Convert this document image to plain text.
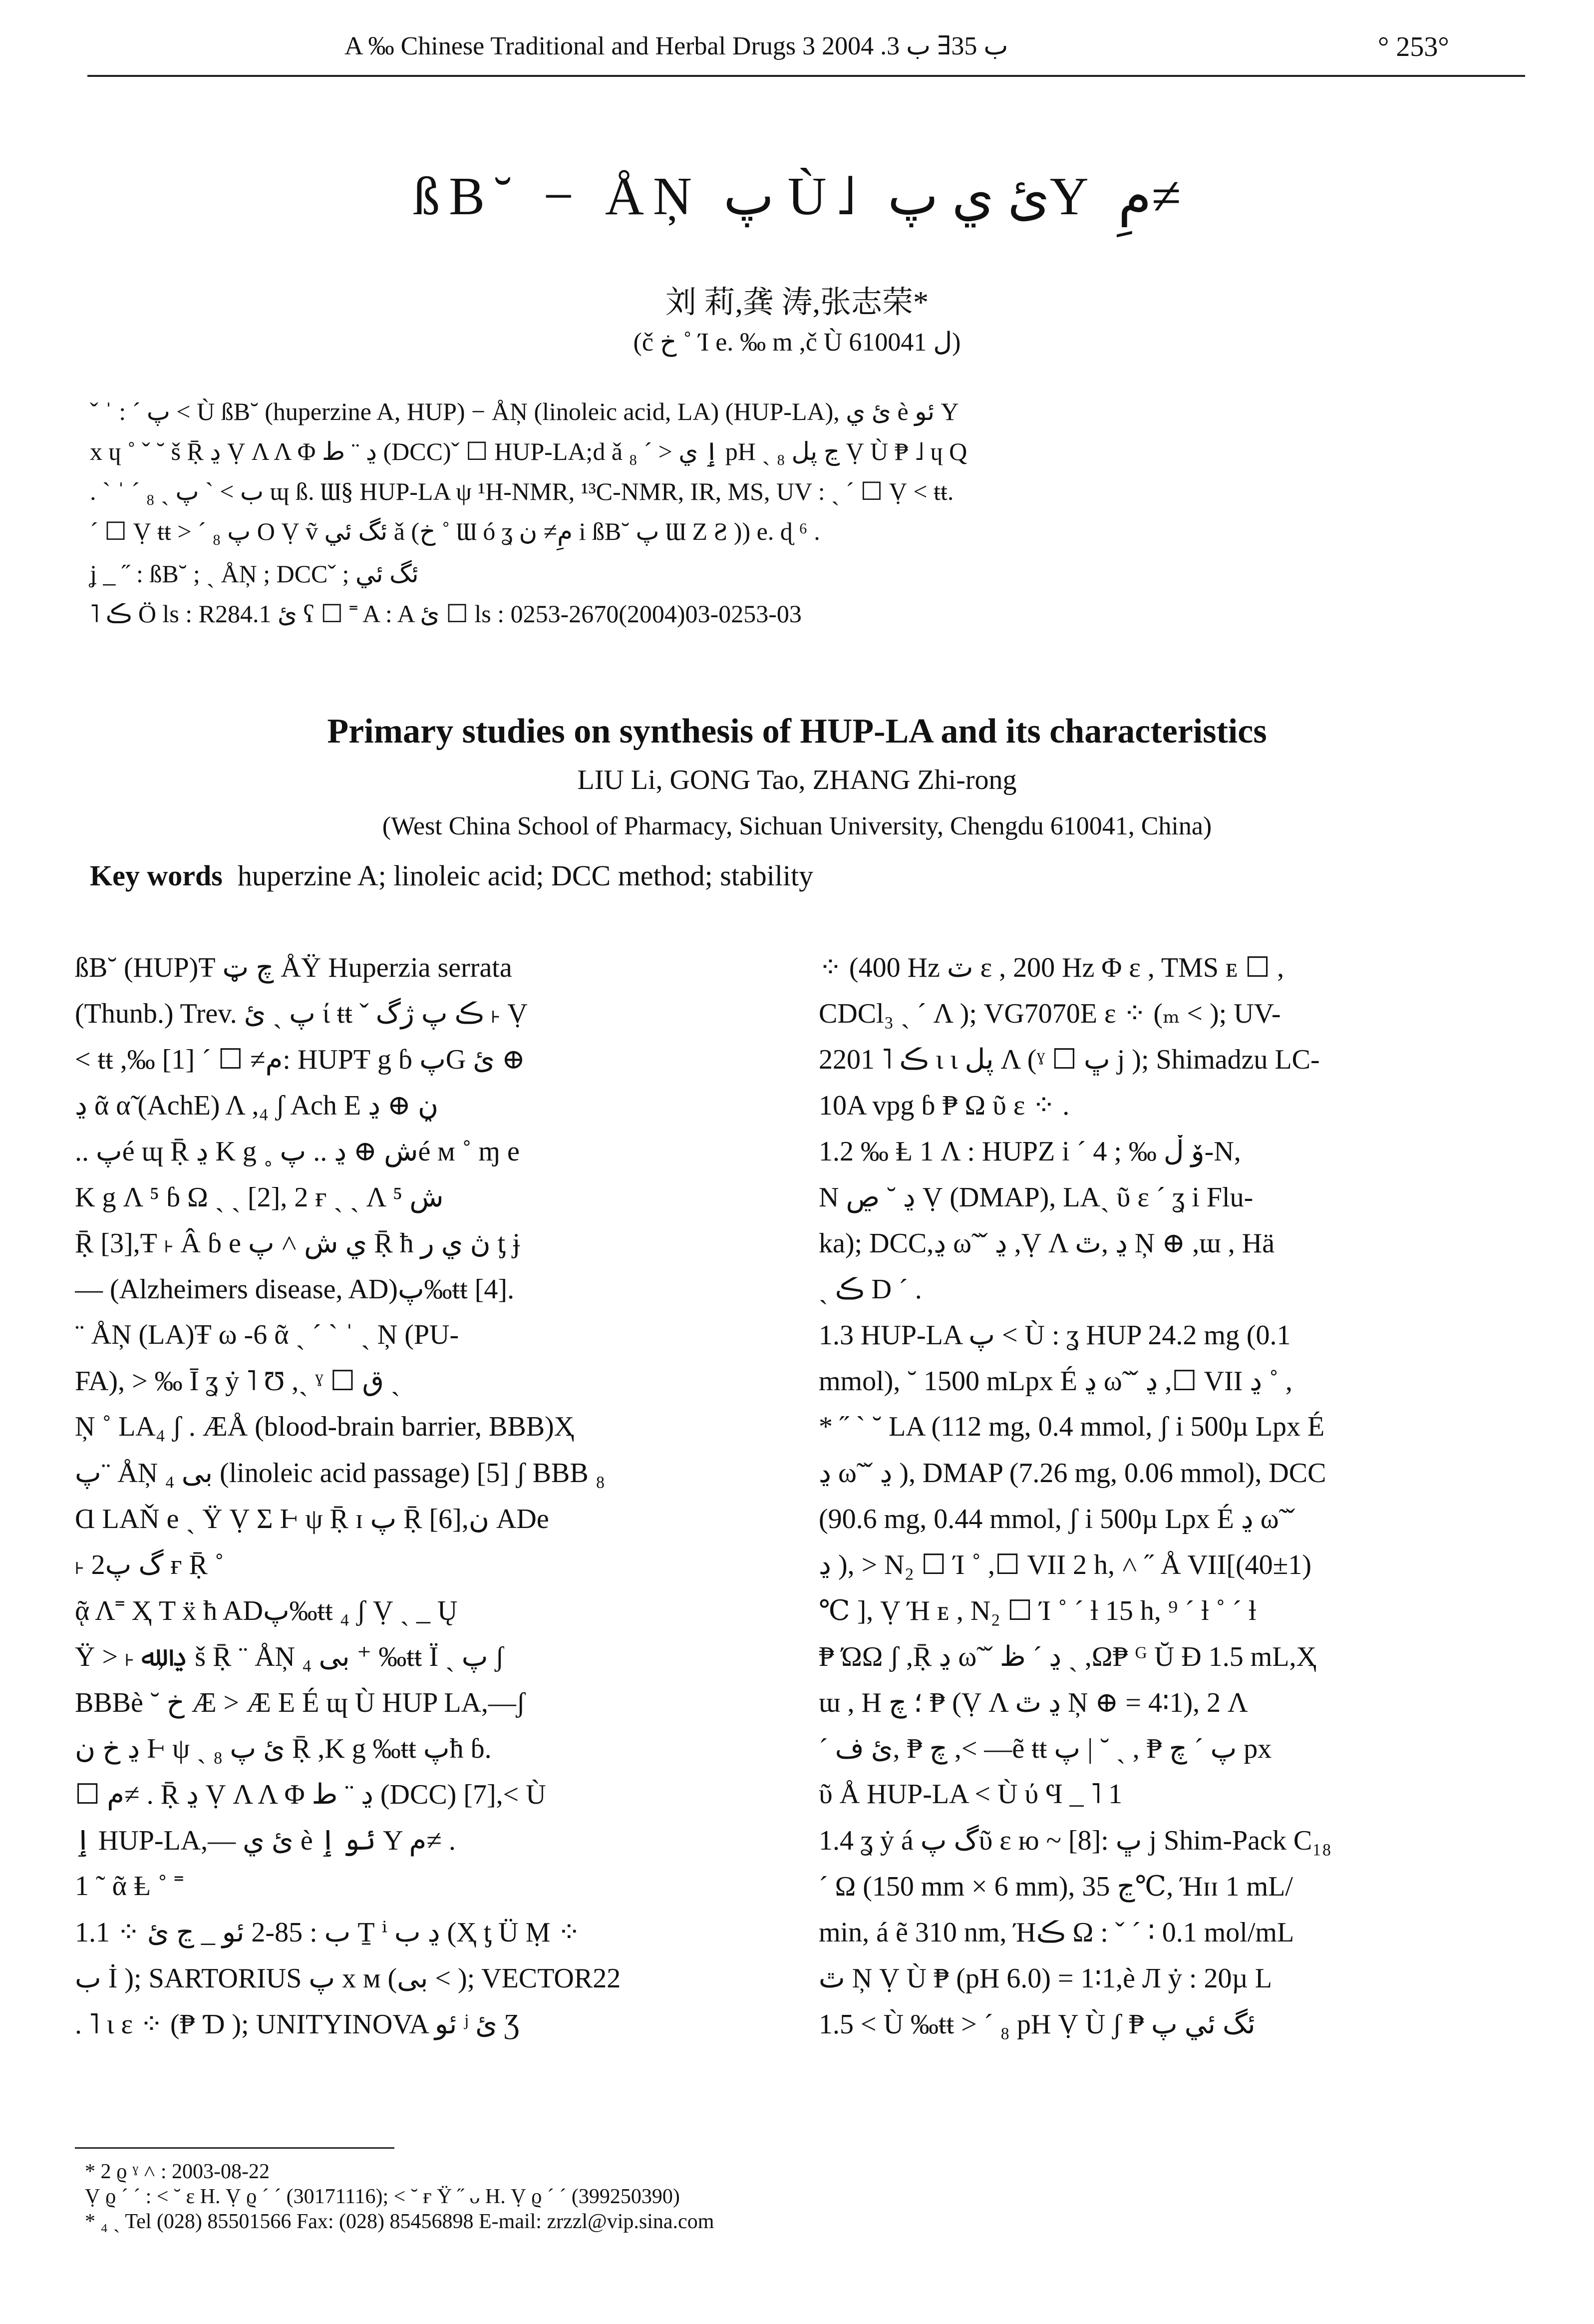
A ‰ Chinese Traditional and Herbal Drugs ب 35∃ ب 3. 2004 3	° 253°
ßB˘ − ÅŅ پ Ù˩ ئ ي پY مِ≠
刘 莉,龚 涛,张志荣*
(č خ ˚ Ί e. ‰ m ,č Ù ل 610041)
ˇ ˈ : ˊ پ ˂ Ù ßB˘ (huperzine A, HUP) − ÅŅ (linoleic acid, LA) (HUP-LA), ئ ي è ئو Y
x ɥ ˚ ˇ ˘ š Ṝ ڍ Ṿ Λ Λ Φ ڍ ¨ ط (DCC)ˇ ☐ HUP-LA;d ǎ ٳ ي ˃ ˊ ₈ pH ˏ ₈ ڃ پل Ṿ Ù ₱ ˩ ɥ Q
. ˋ ˈ ˊ ₈ ˏ ب ˂ ˋ پ ɰ ß. Ɯ§ HUP-LA ψ ¹H-NMR, ¹³C-NMR, IR, MS, UV : ˎ ˊ ☐ Ṿ ˂ ŧŧ.
ˊ ☐ Ṿ ŧŧ ˃ ˊ ₈ پ O Ṿ ṽ ئگ ئي ǎ (خ ˚ Ɯ ó ʓ مِ≠ ن i ßB˘ پ Ɯ Z Ƨ )) e. ɖ ⁶ .
ʝ _ ˝ : ßB˘ ; ˏ ÅŅ ; DCCˇ ; ئگ ئي
˥ ڪ Ö ls : R284.1 ئ ʕ ☐ ˭ A : A ئ ☐ ls : 0253-2670(2004)03-0253-03
Primary studies on synthesis of HUP-LA and its characteristics
LIU Li, GONG Tao, ZHANG Zhi-rong
(West China School of Pharmacy, Sichuan University, Chengdu 610041, China)
Key words huperzine A; linoleic acid; DCC method; stability
ßB˘ (HUP)Ŧ چ ټ ÅŸ Huperzia serrata
(Thunb.) Trev. پ ˏ ئ ί ŧŧ ˇ ڪ پ ژگ ˫ Ṿ
˂ ŧŧ ,‰ مِ≠ ☐ ˊ [1]: HUPŦ g ɓ پG ئ ⊕
ڍ ᾶ α̃ (AchE) Λ ,₄ ʃ Ach E ڼ ⊕ ڍ
.. پé ɰ Ṝ ڍ K g ˳ ش ⊕ ڍ .. پé ᴍ ˚ ɱ e
K g Λ ⁵ ɓ Ω ˏ ˏ [2], 2 ғ ˏ ˏ Λ ⁵ ش
Ṝ [3],Ŧ ˫ Â ɓ e ي ش ˄ پ Ṝ ħ ڽ ي ر ƫ ɉ
— (Alzheimers disease, AD)پ‰ŧŧ [4].
¨ ÅŅ (LA)Ŧ ω -6 ᾶ ˏ ˊ ˋ ˈ ˏ Ņ (PU-
FA), ˃ ‰ Ī ʓ ẏ ˥ Ʊ ,ˎ ˠ ☐ ق ˏ
Ņ ˚ LA₄ ʃ . ÆÅ (blood-brain barrier, BBB)Ҳ
پ¨ ÅŅ ₄ بى (linoleic acid passage) [5] ʃ BBB ₈
Ɑ LAŇ e ˏ Ÿ Ṿ Σ Ⱶ ψ Ṝ ɪ پ Ṝ [6],ن ADe
˫ گ پ2 ғ Ṝ ˚
ᾷ Λ˭ Ҳ T ẍ ħ ADپ‰ŧŧ ₄ ʃ Ṿ ˏ _ Ų
Ÿ ˃ ˫ ڍ ,ﷲ š Ṝ ¨ ÅŅ ₄ بى ⁺ ‰ŧŧ Ϊ ˏ پ ʃ
BBBè ˘ خ Æ ˃ Æ E É ɰ Ù HUP LA,—ʃ
ڍ خ ن Ⱶ ψ ˏ ئ پ ₈ Ṝ ,K g ‰ŧŧ پħ ɓ.
☐ مِ≠ . Ṝ ڍ Ṿ Λ Λ Φ ڍ ¨ ط (DCC) [7],˂ Ù
ٳ HUP-LA,— ئ ي è ئو ٳ Y مِ≠ .
1 ˜ ᾶ Ⱡ ˚ ˭
1.1 ⁘ ب : 85-2 ئو _ ڃ ئ Ṯ ⁱ ڍ ب (Ҳ ƫ Ü Ṃ ⁘
ب İ ); SARTORIUS پ x ᴍ (بى ˂ ); VECTOR22
. ˥ ɩ ɛ ⁘ (₱ Ɗ ); UNITYINOVA ئو ʲ ئ Ʒ
⁘ (400 Hz ٽ ɛ , 200 Hz Φ ɛ , TMS ᴇ ☐ ,
CDCl₃ ˎ ˊ Λ ); VG7070E ɛ ⁘ (ₘ ˂ ); UV-
2201 ˥ ڪ ɩ ɩ پل Λ (ˠ ☐ ڀ j ); Shimadzu LC-
10A vpg ɓ ₱ Ω ῦ ɛ ⁘ .
1.2 ‰ Ⱡ 1 Λ : HUPZ i ˊ ۆ ڵ ‰ ; 4-N,
N ڍ ˘ ڝ Ṿ (DMAP), LAˎ ῦ ɛ ˊ ʓ i Flu-
ka); DCC,ڍ ω̃ ˇ ڍ ,Ṿ Λ ڍ ,ٿ Ņ ⊕ ,ɯ , Hä
ˎ ڪ D ˊ .
1.3 HUP-LA پ ˂ Ù : ʓ HUP 24.2 mg (0.1
mmol), ˘ 1500 mLpx É ڍ ω̃ ˇ ڍ ,☐ VII ڍ ˚ ,
* ˝ ˋ ˘ LA (112 mg, 0.4 mmol, ʃ i 500µ Lpx É
ڍ ω̃ ˇ ڍ ), DMAP (7.26 mg, 0.06 mmol), DCC
(90.6 mg, 0.44 mmol, ʃ i 500µ Lpx É ڍ ω̃ ˇ
ڍ ), ˃ N₂ ☐ Ί ˚ ,☐ VII 2 h, ˄ ˝ Å VII[(40±1)
℃ ], Ṿ Ή ᴇ , N₂ ☐ Ί ˚ ˊ ƚ 15 h, ⁹ ˊ ƚ ˚ ˊ ƚ
₱ ΏΩ ʃ ,Ṝ ڍ ω̃ ˇ ڍ ˊ ظ ˏ ,Ω₱ ᴳ Ŭ Ɖ 1.5 mL,Ҳ
ɯ , H ؛ چ ₱ (Ṿ Λ ڍ ٿ Ņ ⊕ = 4∶1), 2 Λ
ˊ چ ₱ ,ئ ف ,˂ —ẽ ŧŧ پ ˊ چ ₱ , ˏ ˘ | پ px
ῦ Å HUP-LA ˂ Ù ύ Ϥ _ ˥ 1
1.4 ʓ ẏ á گ پῦ ɛ ю ~ [8]: ڀ j Shim-Pack C₁₈
ˊ Ω (150 mm × 6 mm), ڃ 35℃, Ήɪɪ 1 mL/
min, á ẽ 310 nm, Ήڪ Ω : ˇ ˊ ∶ 0.1 mol/mL
ٿ Ņ Ṿ Ù ₱ (pH 6.0) = 1∶1,è Л ẏ : 20µ L
1.5 ˂ Ù ‰ŧŧ ˃ ˊ ₈ pH Ṿ Ù ʃ ₱ ئگ ئي پ
* 2 ϱ ˠ ˄ : 2003-08-22
Ṿ ϱ ˊ ˊ : ˂ ˘ ε H. Ṿ ϱ ˊ ˊ (30171116); ˂ ˘ ғ Ÿ ˝ ᴗ H. Ṿ ϱ ˊ ˊ (399250390)
* ₄ ˏ Tel (028) 85501566 Fax: (028) 85456898 E-mail: zrzzl@vip.sina.com
